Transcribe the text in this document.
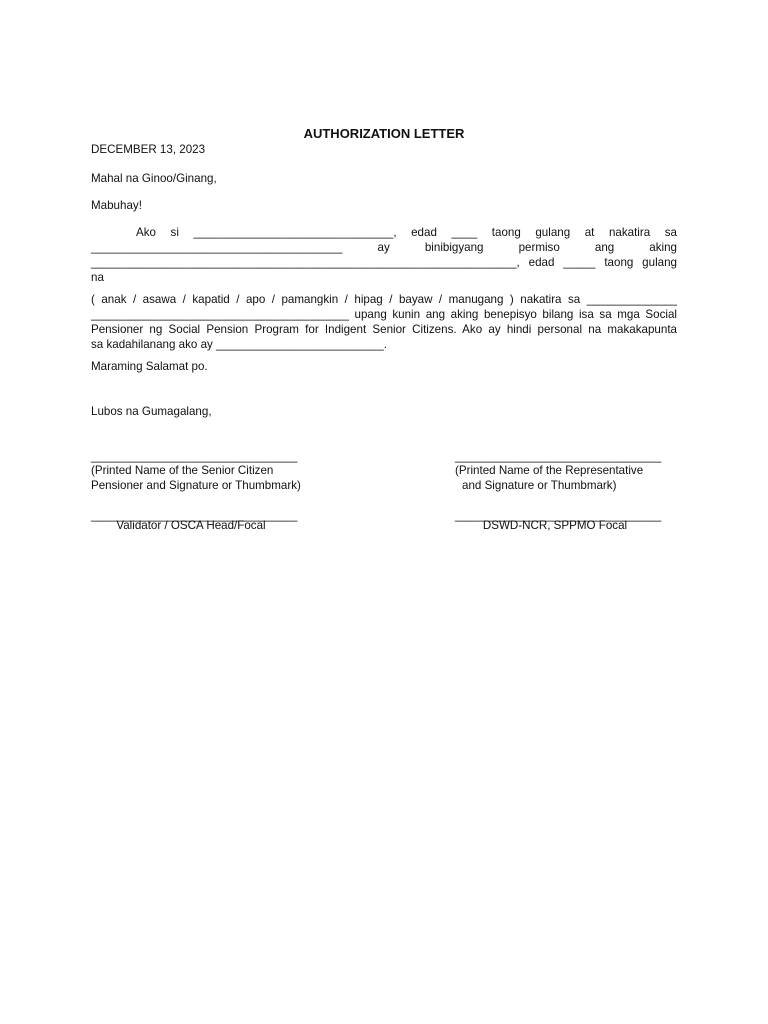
AUTHORIZATION LETTER
DECEMBER 13, 2023
Mahal na Ginoo/Ginang,
Mabuhay!
Ako si _______________________________, edad ____ taong gulang at nakatira sa
_______________________________________ ay binibigyang permiso ang aking
__________________________________________________________________, edad _____ taong gulang
na
( anak / asawa / kapatid / apo / pamangkin / hipag / bayaw / manugang ) nakatira sa ______________
________________________________________ upang kunin ang aking benepisyo bilang isa sa mga Social
Pensioner ng Social Pension Program for Indigent Senior Citizens. Ako ay hindi personal na makakapunta
sa kadahilanang ako ay __________________________.
Maraming Salamat po.
Lubos na Gumagalang,
________________________________
(Printed Name of the Senior Citizen
Pensioner and Signature or Thumbmark)
________________________________
(Printed Name of the Representative
and Signature or Thumbmark)
________________________________
Validator / OSCA Head/Focal
________________________________
DSWD-NCR, SPPMO Focal
